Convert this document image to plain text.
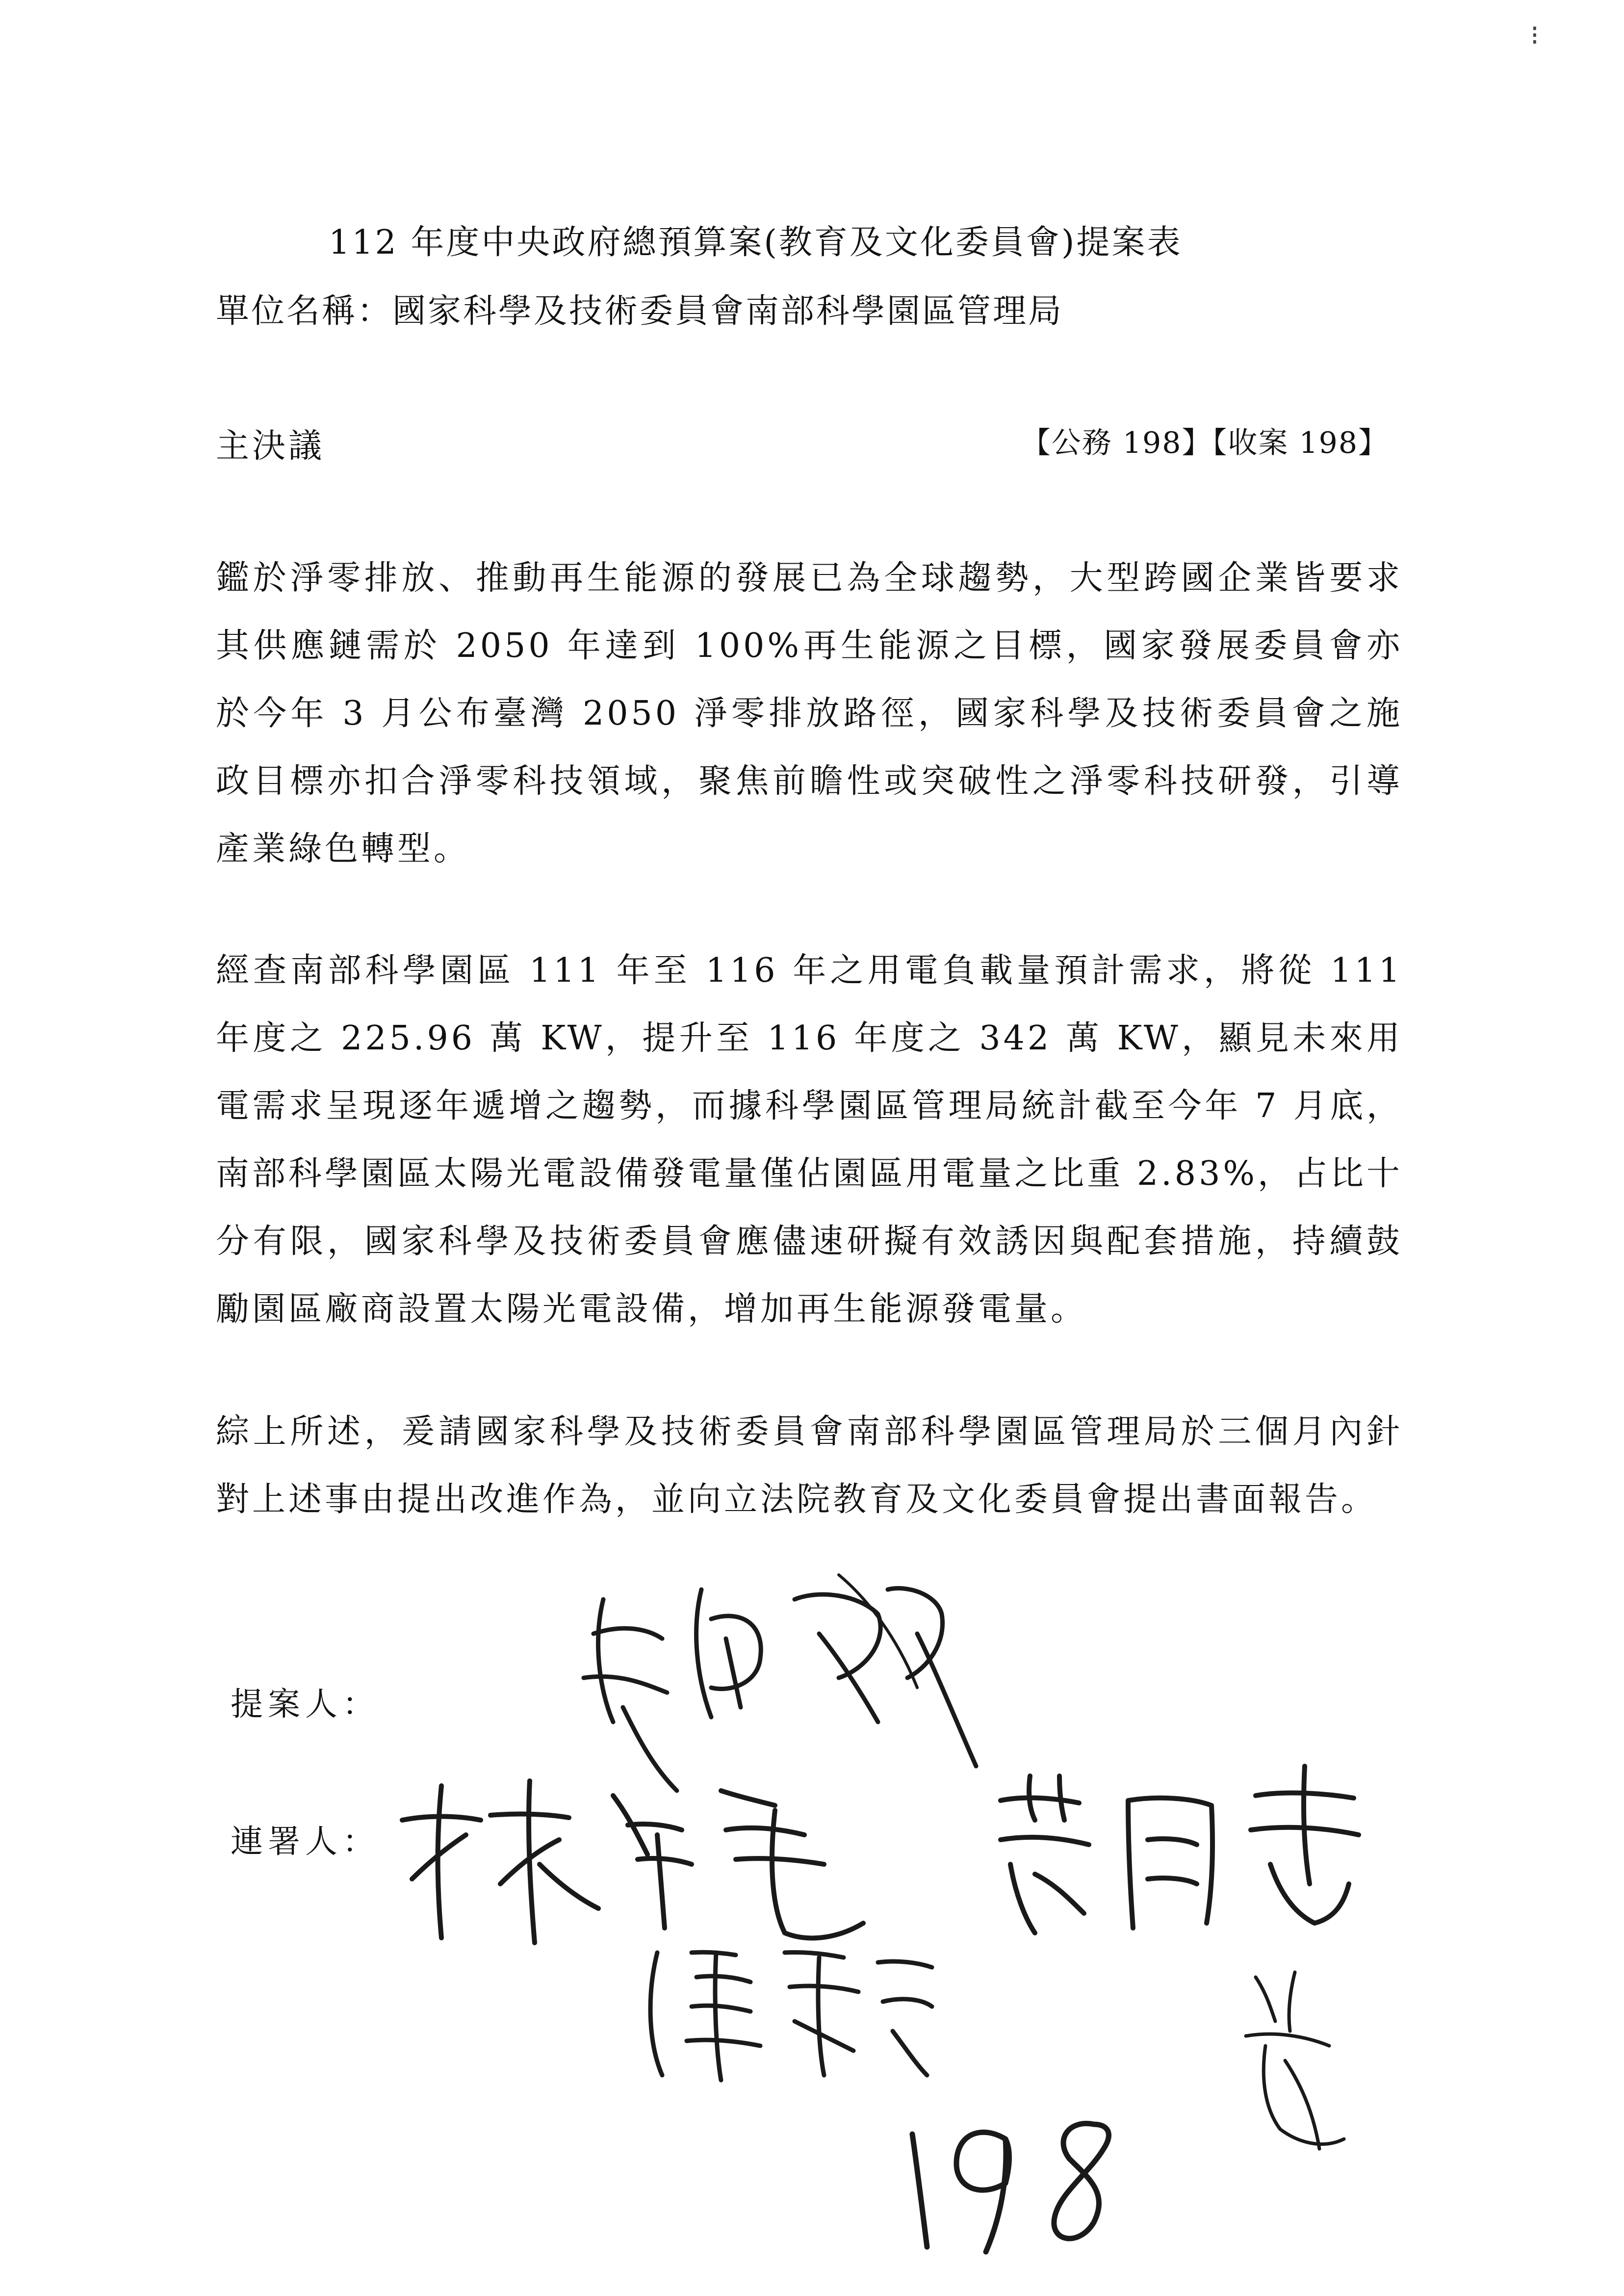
⁝
112 年度中央政府總預算案(教育及文化委員會)提案表
單位名稱：國家科學及技術委員會南部科學園區管理局
主決議	【公務 198】【收案 198】
鑑於淨零排放、推動再生能源的發展已為全球趨勢，大型跨國企業皆要求其供應鏈需於 2050 年達到 100%再生能源之目標，國家發展委員會亦於今年 3 月公布臺灣 2050 淨零排放路徑，國家科學及技術委員會之施政目標亦扣合淨零科技領域，聚焦前瞻性或突破性之淨零科技研發，引導產業綠色轉型。
經查南部科學園區 111 年至 116 年之用電負載量預計需求，將從 111 年度之 225.96 萬 KW，提升至 116 年度之 342 萬 KW，顯見未來用電需求呈現逐年遞增之趨勢，而據科學園區管理局統計截至今年 7 月底，南部科學園區太陽光電設備發電量僅佔園區用電量之比重 2.83%，占比十分有限，國家科學及技術委員會應儘速研擬有效誘因與配套措施，持續鼓勵園區廠商設置太陽光電設備，增加再生能源發電量。
綜上所述，爰請國家科學及技術委員會南部科學園區管理局於三個月內針對上述事由提出改進作為，並向立法院教育及文化委員會提出書面報告。
提案人：
連署人：
